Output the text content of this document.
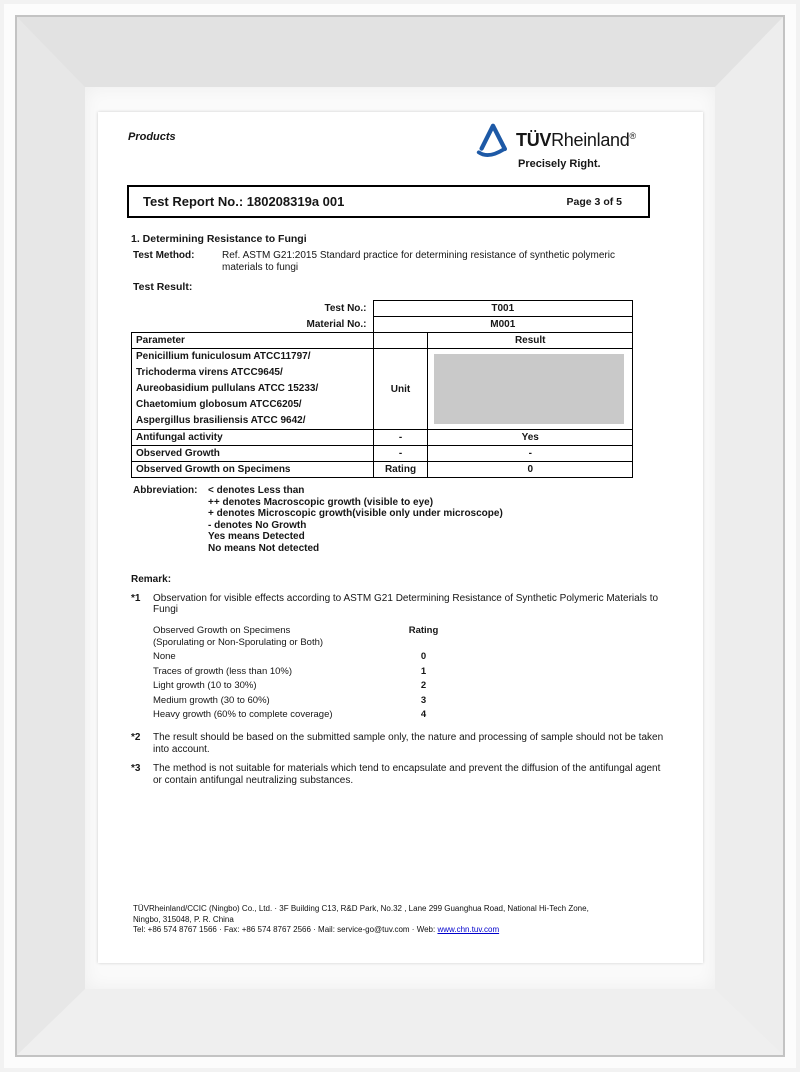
Products	TÜVRheinland®
Precisely Right.
Test Report No.: 180208319a 001	Page 3 of 5
1. Determining Resistance to Fungi
Test Method:	Ref. ASTM G21:2015 Standard practice for determining resistance of synthetic polymeric materials to fungi
Test Result:
Test No.:	T001	
Material No.:	M001	
Parameter		Result

Penicillium funiculosum ATCC11797/
Trichoderma virens ATCC9645/
Aureobasidium pullulans ATCC 15233/
Chaetomium globosum ATCC6205/
Aspergillus brasiliensis ATCC 9642/	Unit	

Antifungal activity	-	Yes
Observed Growth	-	-
Observed Growth on Specimens	Rating	0
Abbreviation:	< denotes Less than
++ denotes Macroscopic growth (visible to eye)
+ denotes Microscopic growth(visible only under microscope)
- denotes No Growth
Yes means Detected
No means Not detected
Remark:
*1	Observation for visible effects according to ASTM G21 Determining Resistance of Synthetic Polymeric Materials to Fungi
Observed Growth on Specimens
(Sporulating or Non-Sporulating or Both)	Rating
None	0
Traces of growth (less than 10%)	1
Light growth (10 to 30%)	2
Medium growth (30 to 60%)	3
Heavy growth (60% to complete coverage)	4
*2	The result should be based on the submitted sample only, the nature and processing of sample should not be taken into account.
*3	The method is not suitable for materials which tend to encapsulate and prevent the diffusion of the antifungal agent or contain antifungal neutralizing substances.
TÜVRheinland/CCIC (Ningbo) Co., Ltd. · 3F Building C13, R&D Park, No.32 , Lane 299 Guanghua Road, National Hi-Tech Zone,
Ningbo, 315048, P. R. China
Tel: +86 574 8767 1566 · Fax: +86 574 8767 2566 · Mail: service-go@tuv.com · Web: www.chn.tuv.com
